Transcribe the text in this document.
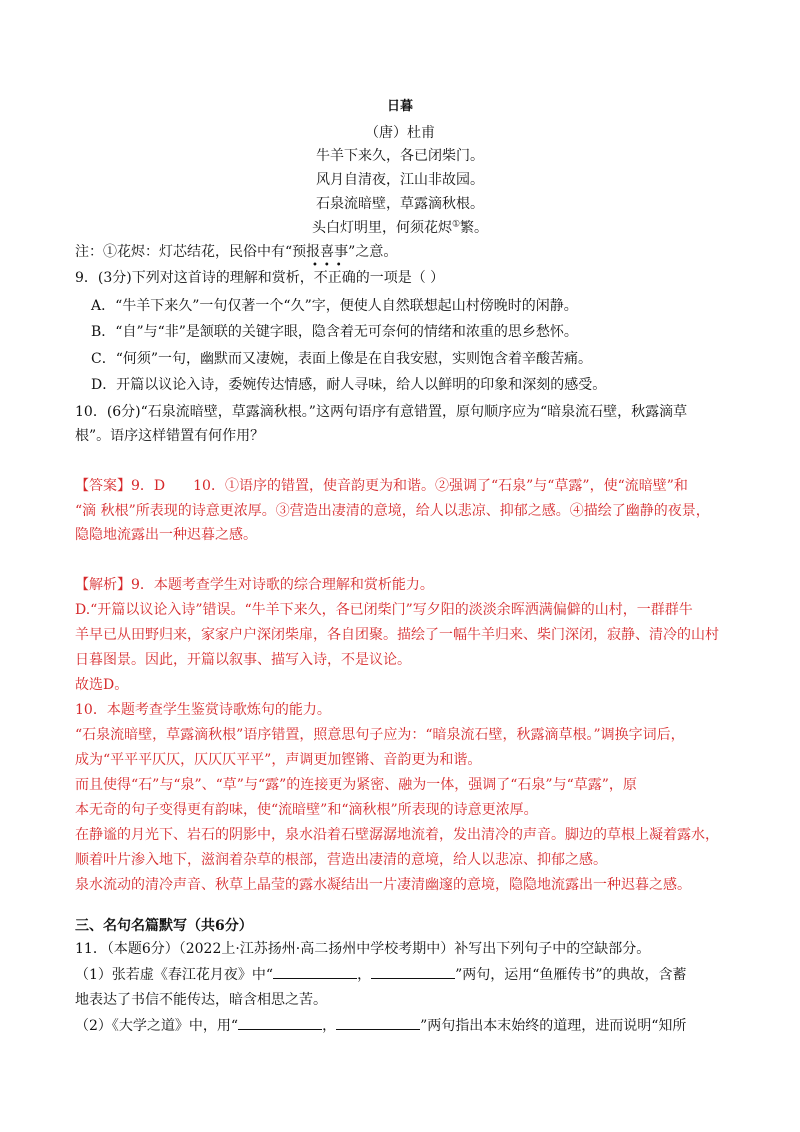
日暮
（唐）杜甫
牛羊下来久，各已闭柴门。
风月自清夜，江山非故园。
石泉流暗壁，草露滴秋根。
头白灯明里，何须花烬①繁。
注：①花烬：灯芯结花，民俗中有“预报喜事”之意。
•••
9．(3分)下列对这首诗的理解和赏析，不正确的一项是（ ）
A．“牛羊下来久”一句仅著一个“久”字，便使人自然联想起山村傍晚时的闲静。
B．“自”与“非”是颔联的关键字眼，隐含着无可奈何的情绪和浓重的思乡愁怀。
C．“何须”一句，幽默而又凄婉，表面上像是在自我安慰，实则饱含着辛酸苦痛。
D．开篇以议论入诗，委婉传达情感，耐人寻味，给人以鲜明的印象和深刻的感受。
10．(6分)“石泉流暗壁，草露滴秋根。”这两句语序有意错置，原句顺序应为“暗泉流石壁，秋露滴草
根”。语序这样错置有何作用？
【答案】9．D　　10．①语序的错置，使音韵更为和谐。②强调了“石泉”与“草露”，使“流暗壁”和
“滴 秋根”所表现的诗意更浓厚。③营造出凄清的意境，给人以悲凉、抑郁之感。④描绘了幽静的夜景，
隐隐地流露出一种迟暮之感。
【解析】9．本题考查学生对诗歌的综合理解和赏析能力。
D.“开篇以议论入诗”错误。“牛羊下来久，各已闭柴门”写夕阳的淡淡余晖洒满偏僻的山村，一群群牛
羊早已从田野归来，家家户户深闭柴扉，各自团聚。描绘了一幅牛羊归来、柴门深闭，寂静、清冷的山村
日暮图景。因此，开篇以叙事、描写入诗，不是议论。
故选D。
10．本题考查学生鉴赏诗歌炼句的能力。
“石泉流暗壁，草露滴秋根”语序错置，照意思句子应为：“暗泉流石壁，秋露滴草根。”调换字词后，
成为“平平平仄仄，仄仄仄平平”，声调更加铿锵、音韵更为和谐。
而且使得“石”与“泉”、“草”与“露”的连接更为紧密、融为一体，强调了“石泉”与“草露”，原
本无奇的句子变得更有韵味，使“流暗壁”和“滴秋根”所表现的诗意更浓厚。
在静谧的月光下、岩石的阴影中，泉水沿着石壁潺潺地流着，发出清冷的声音。脚边的草根上凝着露水，
顺着叶片渗入地下，滋润着杂草的根部，营造出凄清的意境，给人以悲凉、抑郁之感。
泉水流动的清冷声音、秋草上晶莹的露水凝结出一片凄清幽邃的意境，隐隐地流露出一种迟暮之感。
三、名句名篇默写（共6分）
11．（本题6分）（2022上·江苏扬州·高二扬州中学校考期中）补写出下列句子中的空缺部分。
（1）张若虚《春江花月夜》中“	，	”两句，运用“鱼雁传书”的典故，含蓄
地表达了书信不能传达，暗含相思之苦。
（2）《大学之道》中，用“	，	”两句指出本末始终的道理，进而说明“知所
